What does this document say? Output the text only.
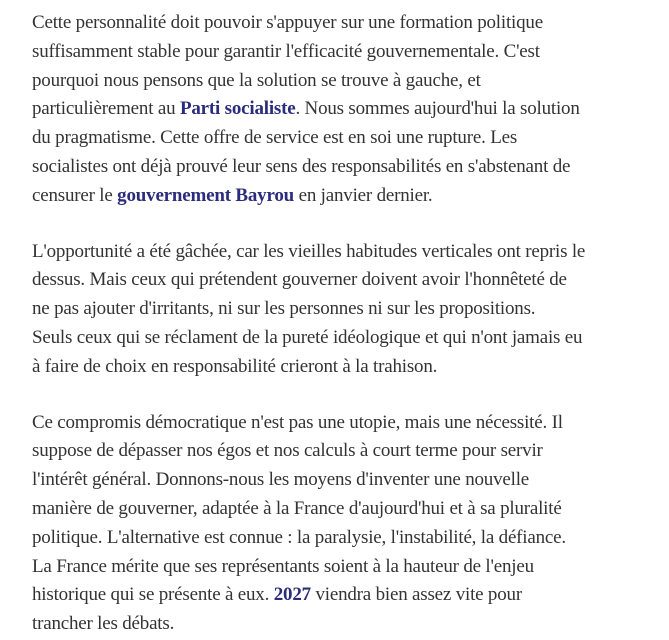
Cette personnalité doit pouvoir s'appuyer sur une formation politique
suffisamment stable pour garantir l'efficacité gouvernementale. C'est
pourquoi nous pensons que la solution se trouve à gauche, et
particulièrement au Parti socialiste. Nous sommes aujourd'hui la solution
du pragmatisme. Cette offre de service est en soi une rupture. Les
socialistes ont déjà prouvé leur sens des responsabilités en s'abstenant de
censurer le gouvernement Bayrou en janvier dernier.
L'opportunité a été gâchée, car les vieilles habitudes verticales ont repris le
dessus. Mais ceux qui prétendent gouverner doivent avoir l'honnêteté de
ne pas ajouter d'irritants, ni sur les personnes ni sur les propositions.
Seuls ceux qui se réclament de la pureté idéologique et qui n'ont jamais eu
à faire de choix en responsabilité crieront à la trahison.
Ce compromis démocratique n'est pas une utopie, mais une nécessité. Il
suppose de dépasser nos égos et nos calculs à court terme pour servir
l'intérêt général. Donnons-nous les moyens d'inventer une nouvelle
manière de gouverner, adaptée à la France d'aujourd'hui et à sa pluralité
politique. L'alternative est connue : la paralysie, l'instabilité, la défiance.
La France mérite que ses représentants soient à la hauteur de l'enjeu
historique qui se présente à eux. 2027 viendra bien assez vite pour
trancher les débats.
